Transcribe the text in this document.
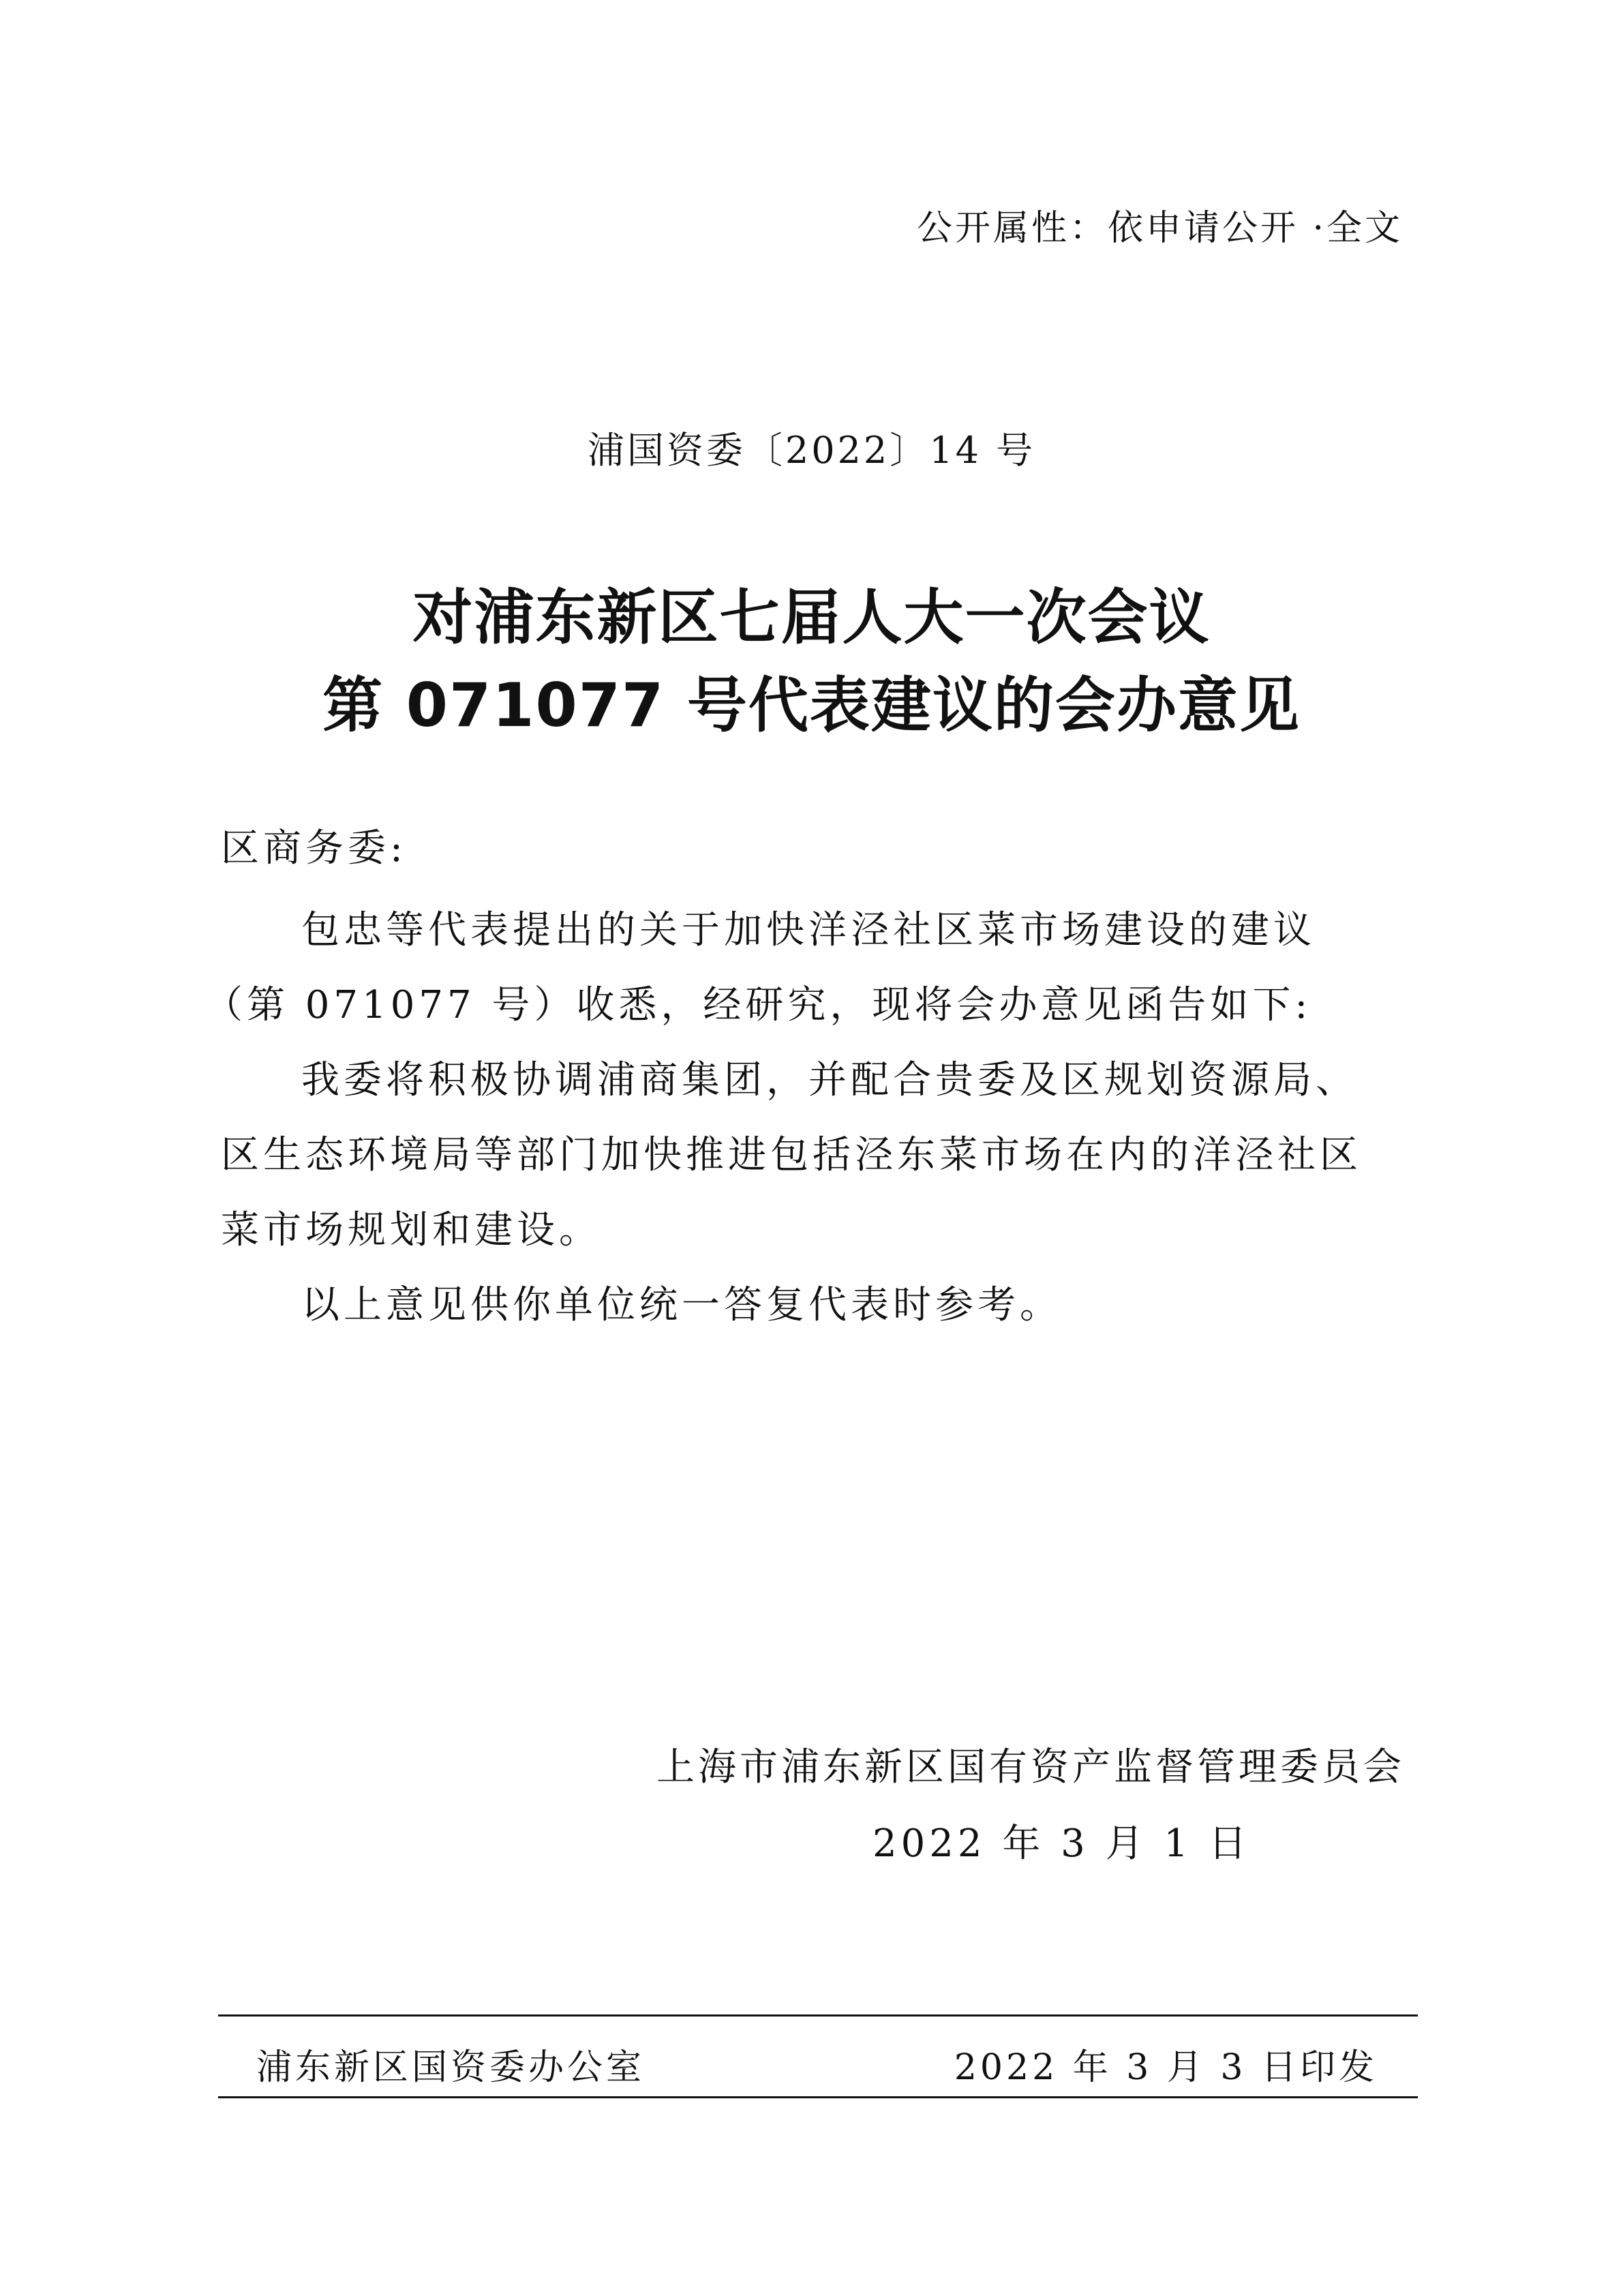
公开属性：依申请公开 ·全文
浦国资委〔2022〕14 号
对浦东新区七届人大一次会议
第 071077 号代表建议的会办意见
区商务委:
包忠等代表提出的关于加快洋泾社区菜市场建设的建议
（第 071077 号）收悉，经研究，现将会办意见函告如下:
我委将积极协调浦商集团，并配合贵委及区规划资源局、
区生态环境局等部门加快推进包括泾东菜市场在内的洋泾社区
菜市场规划和建设。
以上意见供你单位统一答复代表时参考。
上海市浦东新区国有资产监督管理委员会
2022 年 3 月 1 日
浦东新区国资委办公室	2022 年 3 月 3 日印发
